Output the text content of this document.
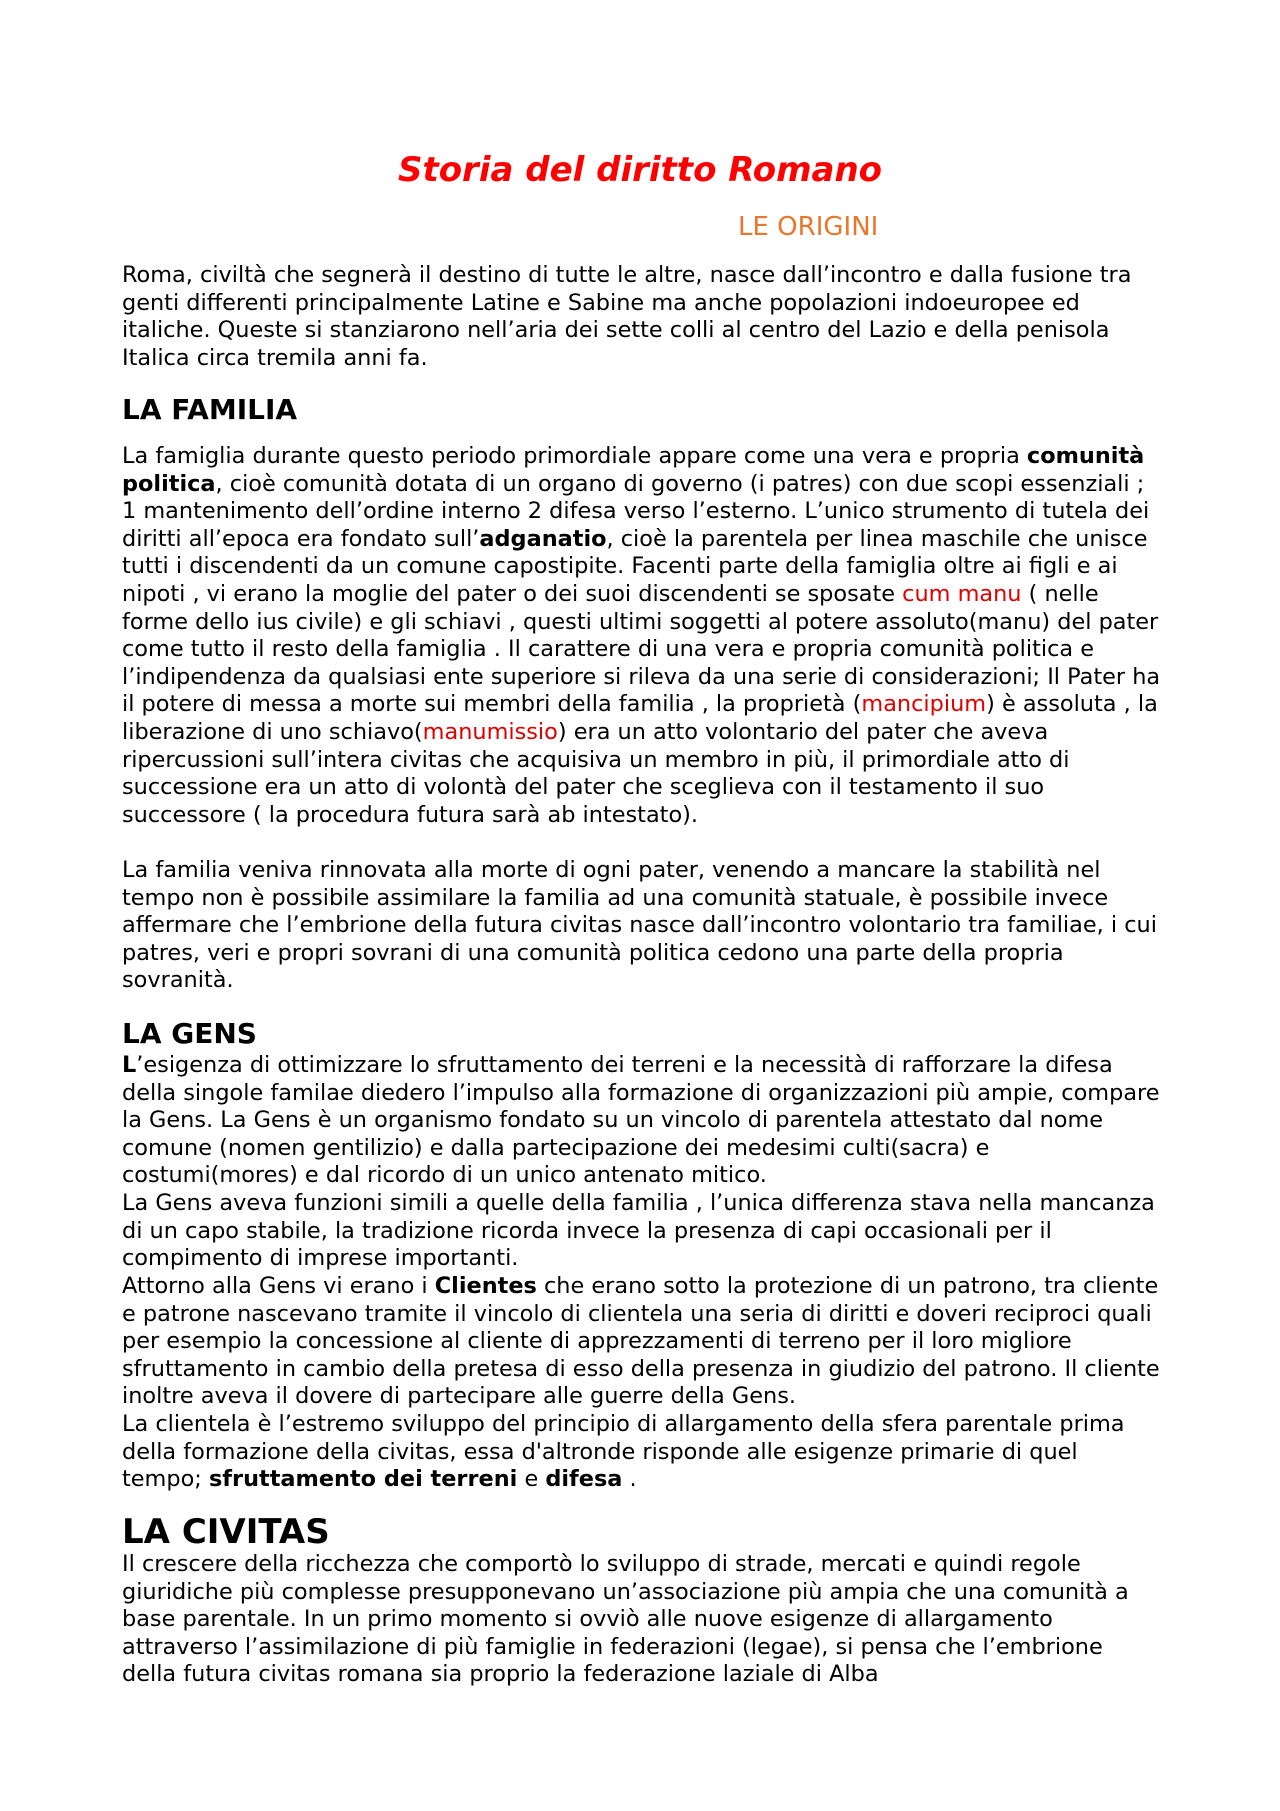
Storia del diritto Romano
LE ORIGINI

Roma, civiltà che segnerà il destino di tutte le altre, nasce dall’incontro e dalla fusione tra genti differenti principalmente Latine e Sabine ma anche popolazioni indoeuropee ed italiche. Queste si stanziarono nell’aria dei sette colli al centro del Lazio e della penisola Italica circa tremila anni fa.

LA FAMILIA

La famiglia durante questo periodo primordiale appare come una vera e propria comunità politica, cioè comunità dotata di un organo di governo (i patres) con due scopi essenziali ; 1 mantenimento dell’ordine interno 2 difesa verso l’esterno. L’unico strumento di tutela dei diritti all’epoca era fondato sull’adganatio, cioè la parentela per linea maschile che unisce tutti i discendenti da un comune capostipite. Facenti parte della famiglia oltre ai figli e ai nipoti , vi erano la moglie del pater o dei suoi discendenti se sposate cum manu ( nelle forme dello ius civile) e gli schiavi , questi ultimi soggetti al potere assoluto(manu) del pater come tutto il resto della famiglia . Il carattere di una vera e propria comunità politica e l’indipendenza da qualsiasi ente superiore si rileva da una serie di considerazioni; Il Pater ha il potere di messa a morte sui membri della familia , la proprietà (mancipium) è assoluta , la liberazione di uno schiavo(manumissio) era un atto volontario del pater che aveva ripercussioni sull’intera civitas che acquisiva un membro in più, il primordiale atto di successione era un atto di volontà del pater che sceglieva con il testamento il suo successore ( la procedura futura sarà ab intestato).

La familia veniva rinnovata alla morte di ogni pater, venendo a mancare la stabilità nel tempo non è possibile assimilare la familia ad una comunità statuale, è possibile invece affermare che l’embrione della futura civitas nasce dall’incontro volontario tra familiae, i cui patres, veri e propri sovrani di una comunità politica cedono una parte della propria sovranità.

LA GENS

L’esigenza di ottimizzare lo sfruttamento dei terreni e la necessità di rafforzare la difesa della singole familae diedero l’impulso alla formazione di organizzazioni più ampie, compare la Gens. La Gens è un organismo fondato su un vincolo di parentela attestato dal nome comune (nomen gentilizio) e dalla partecipazione dei medesimi culti(sacra) e costumi(mores) e dal ricordo di un unico antenato mitico.

La Gens aveva funzioni simili a quelle della familia , l’unica differenza stava nella mancanza di un capo stabile, la tradizione ricorda invece la presenza di capi occasionali per il compimento di imprese importanti.

Attorno alla Gens vi erano i Clientes che erano sotto la protezione di un patrono, tra cliente e patrone nascevano tramite il vincolo di clientela una seria di diritti e doveri reciproci quali per esempio la concessione al cliente di apprezzamenti di terreno per il loro migliore sfruttamento in cambio della pretesa di esso della presenza in giudizio del patrono. Il cliente inoltre aveva il dovere di partecipare alle guerre della Gens.

La clientela è l’estremo sviluppo del principio di allargamento della sfera parentale prima della formazione della civitas, essa d'altronde risponde alle esigenze primarie di quel tempo; sfruttamento dei terreni e difesa .

LA CIVITAS

Il crescere della ricchezza che comportò lo sviluppo di strade, mercati e quindi regole giuridiche più complesse presupponevano un’associazione più ampia che una comunità a base parentale. In un primo momento si ovviò alle nuove esigenze di allargamento attraverso l’assimilazione di più famiglie in federazioni (legae), si pensa che l’embrione della futura civitas romana sia proprio la federazione laziale di Alba
